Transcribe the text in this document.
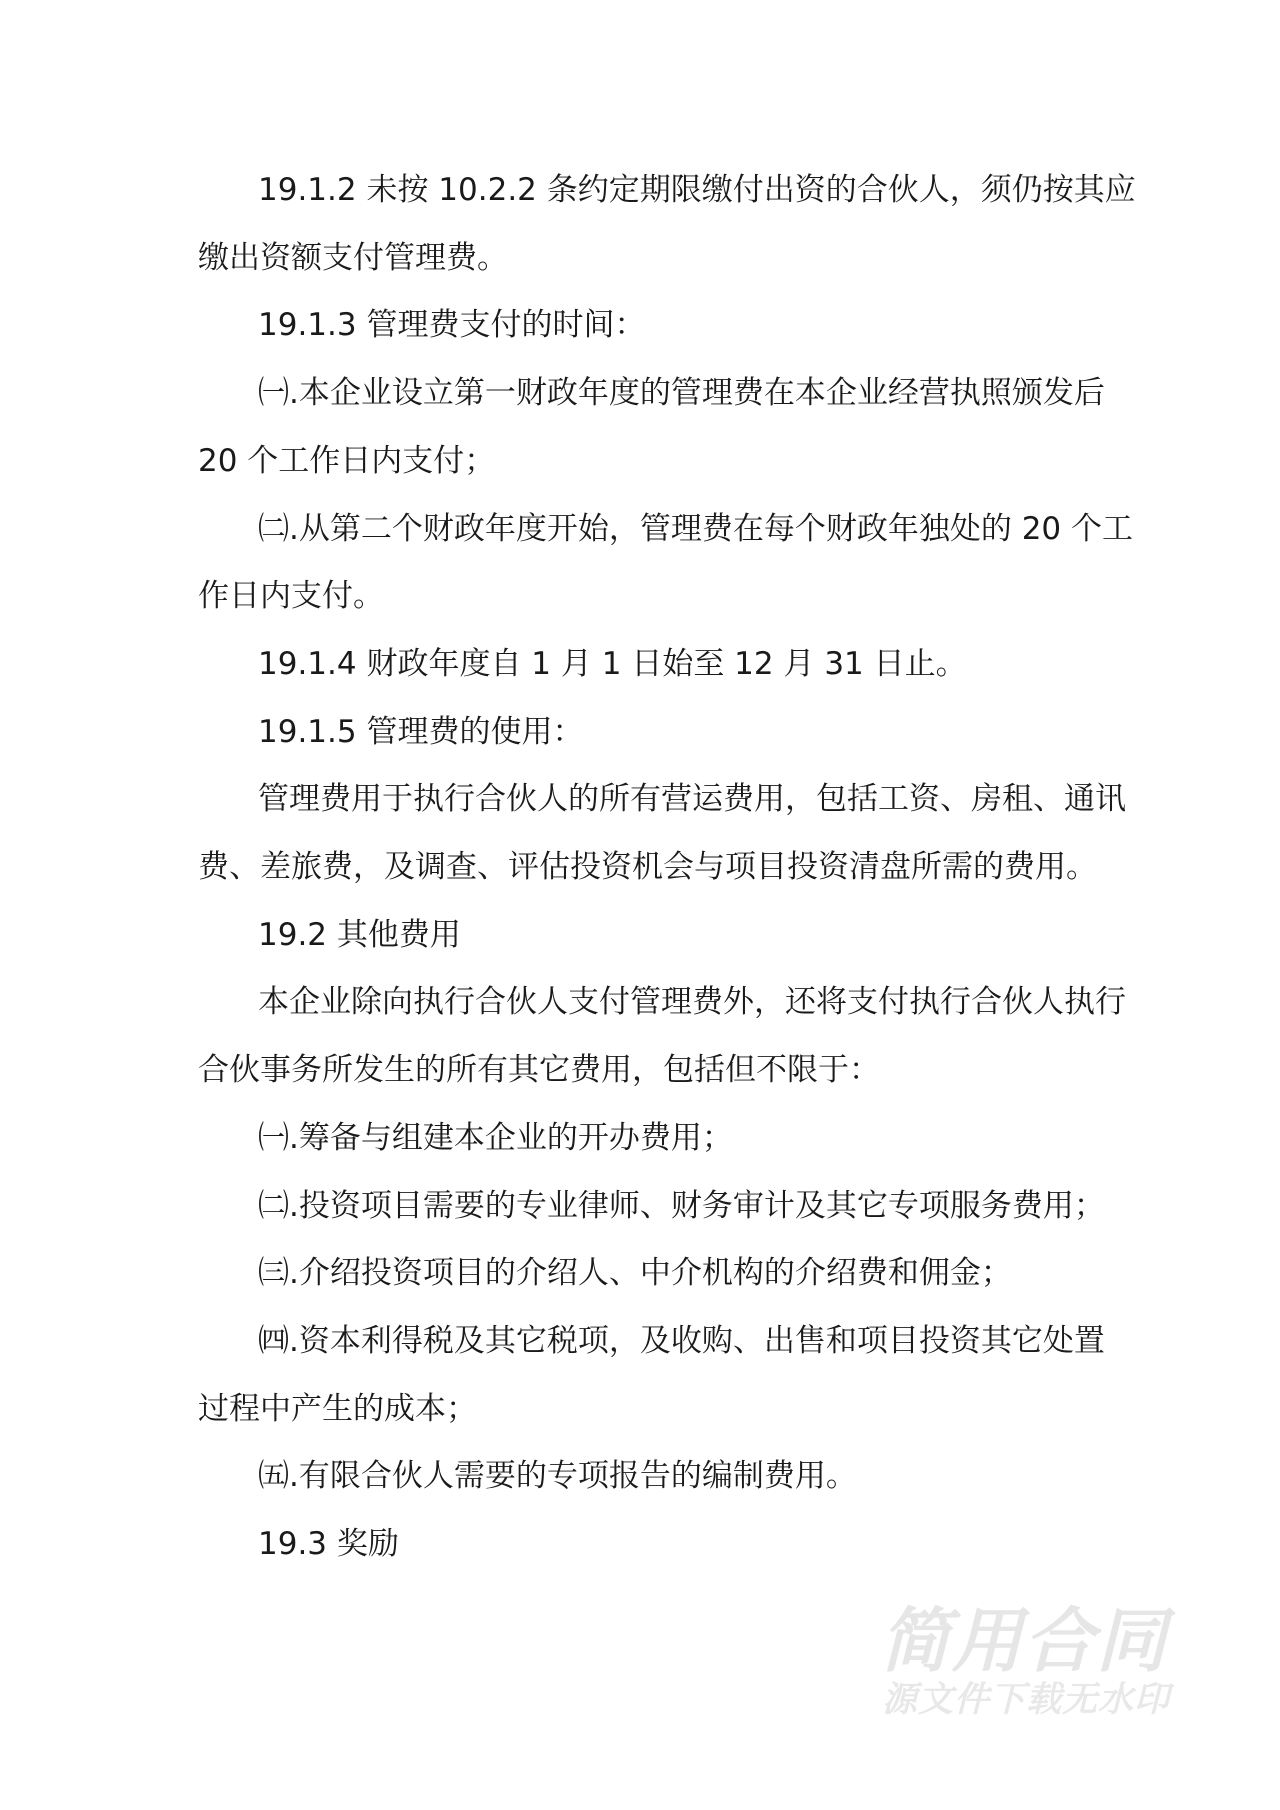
19.1.2 未按 10.2.2 条约定期限缴付出资的合伙人，须仍按其应
缴出资额支付管理费。
19.1.3 管理费支付的时间：
㈠.本企业设立第一财政年度的管理费在本企业经营执照颁发后
20 个工作日内支付；
㈡.从第二个财政年度开始，管理费在每个财政年独处的 20 个工
作日内支付。
19.1.4 财政年度自 1 月 1 日始至 12 月 31 日止。
19.1.5 管理费的使用：
管理费用于执行合伙人的所有营运费用，包括工资、房租、通讯
费、差旅费，及调查、评估投资机会与项目投资清盘所需的费用。
19.2 其他费用
本企业除向执行合伙人支付管理费外，还将支付执行合伙人执行
合伙事务所发生的所有其它费用，包括但不限于：
㈠.筹备与组建本企业的开办费用；
㈡.投资项目需要的专业律师、财务审计及其它专项服务费用；
㈢.介绍投资项目的介绍人、中介机构的介绍费和佣金；
㈣.资本利得税及其它税项，及收购、出售和项目投资其它处置
过程中产生的成本；
㈤.有限合伙人需要的专项报告的编制费用。
19.3 奖励
简用合同
源文件下载无水印
